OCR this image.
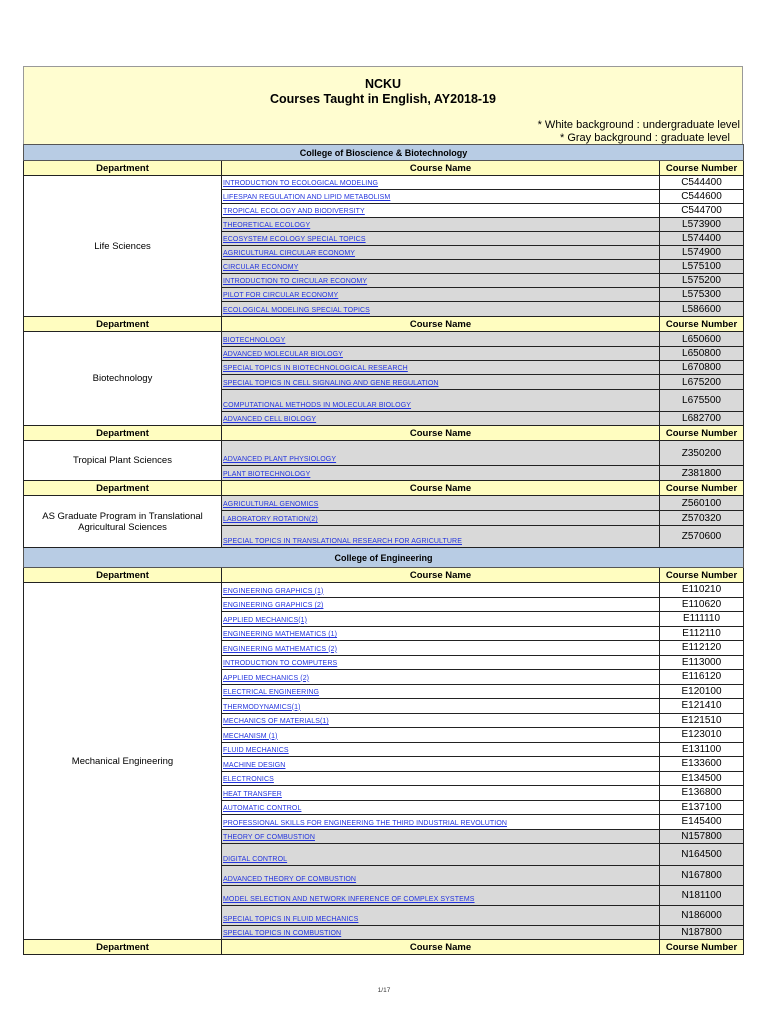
NCKU
Courses Taught in English, AY2018-19
* White background : undergraduate level
* Gray background : graduate level
College of Bioscience & Biotechnology		
Department	Course Name	Course Number
Life Sciences	INTRODUCTION TO ECOLOGICAL MODELING	C544400
	LIFESPAN REGULATION AND LIPID METABOLISM	C544600
	TROPICAL ECOLOGY AND BIODIVERSITY	C544700
	THEORETICAL ECOLOGY	L573900
	ECOSYSTEM ECOLOGY SPECIAL TOPICS	L574400
	AGRICULTURAL CIRCULAR ECONOMY	L574900
	CIRCULAR ECONOMY	L575100
	INTRODUCTION TO CIRCULAR ECONOMY	L575200
	PILOT FOR CIRCULAR ECONOMY	L575300
	ECOLOGICAL MODELING SPECIAL TOPICS	L586600
Department	Course Name	Course Number
Biotechnology	BIOTECHNOLOGY	L650600
	ADVANCED MOLECULAR BIOLOGY	L650800
	SPECIAL TOPICS IN BIOTECHNOLOGICAL RESEARCH	L670800
	SPECIAL TOPICS IN CELL SIGNALING AND GENE REGULATION	L675200
	COMPUTATIONAL METHODS IN MOLECULAR BIOLOGY	L675500
	ADVANCED CELL BIOLOGY	L682700
Department	Course Name	Course Number
Tropical Plant Sciences	ADVANCED PLANT PHYSIOLOGY	Z350200
	PLANT BIOTECHNOLOGY	Z381800
Department	Course Name	Course Number
AS Graduate Program in Translational Agricultural Sciences	AGRICULTURAL GENOMICS	Z560100
	LABORATORY ROTATION(2)	Z570320
	SPECIAL TOPICS IN TRANSLATIONAL RESEARCH FOR AGRICULTURE	Z570600
College of Engineering		
Department	Course Name	Course Number
Mechanical Engineering	ENGINEERING GRAPHICS (1)	E110210
	ENGINEERING GRAPHICS (2)	E110620
	APPLIED MECHANICS(1)	E111110
	ENGINEERING MATHEMATICS (1)	E112110
	ENGINEERING MATHEMATICS (2)	E112120
	INTRODUCTION TO COMPUTERS	E113000
	APPLIED MECHANICS (2)	E116120
	ELECTRICAL ENGINEERING	E120100
	THERMODYNAMICS(1)	E121410
	MECHANICS OF MATERIALS(1)	E121510
	MECHANISM (1)	E123010
	FLUID MECHANICS	E131100
	MACHINE DESIGN	E133600
	ELECTRONICS	E134500
	HEAT TRANSFER	E136800
	AUTOMATIC CONTROL	E137100
	PROFESSIONAL SKILLS FOR ENGINEERING THE THIRD INDUSTRIAL REVOLUTION	E145400
	THEORY OF COMBUSTION	N157800
	DIGITAL CONTROL	N164500
	ADVANCED THEORY OF COMBUSTION	N167800
	MODEL SELECTION AND NETWORK INFERENCE OF COMPLEX SYSTEMS	N181100
	SPECIAL TOPICS IN FLUID MECHANICS	N186000
	SPECIAL TOPICS IN COMBUSTION	N187800
Department	Course Name	Course Number
1/17
